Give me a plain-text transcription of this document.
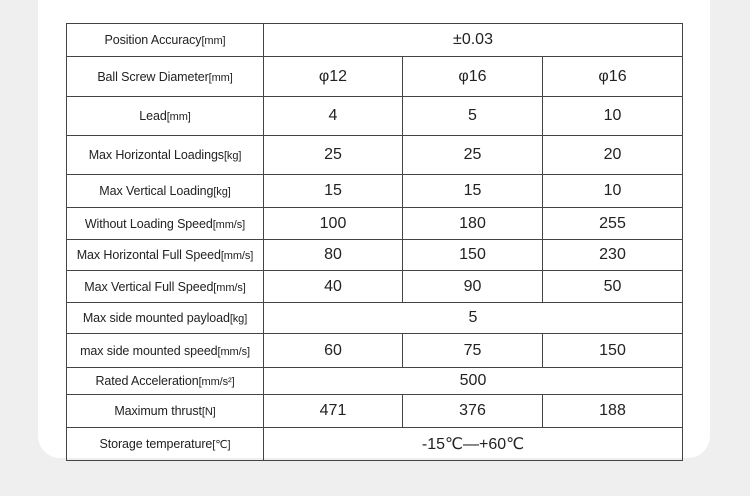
Position Accuracy[mm]	±0.03		
Ball Screw Diameter[mm]	φ12	φ16	φ16
Lead[mm]	4	5	10
Max Horizontal Loadings[kg]	25	25	20
Max Vertical Loading[kg]	15	15	10
Without Loading Speed[mm/s]	100	180	255
Max Horizontal Full Speed[mm/s]	80	150	230
Max Vertical Full Speed[mm/s]	40	90	50
Max side mounted payload[kg]	5		
max side mounted speed[mm/s]	60	75	150
Rated Acceleration[mm/s²]	500		
Maximum thrust[N]	471	376	188
Storage temperature[℃]	-15℃—+60℃		
